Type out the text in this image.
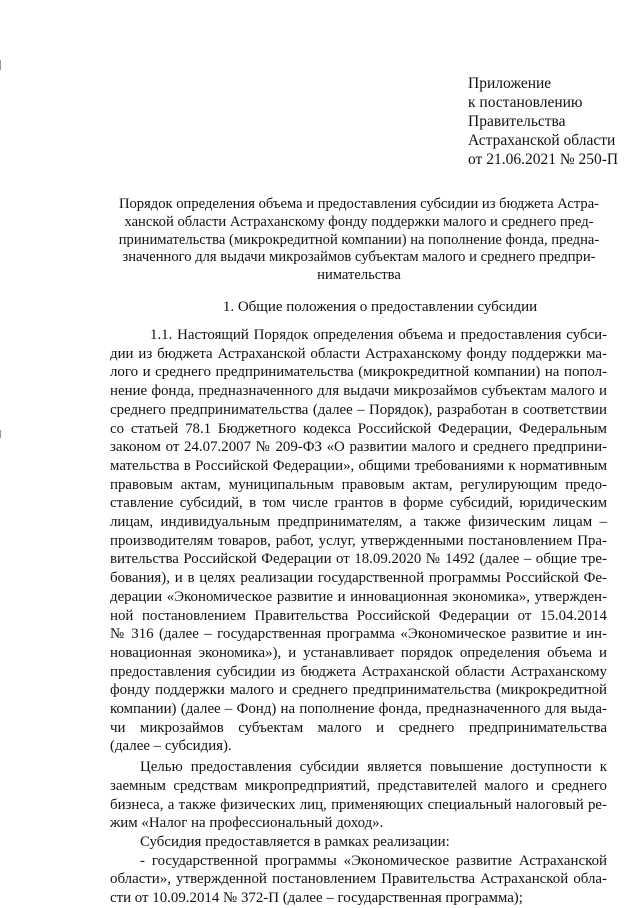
Приложение
к постановлению
Правительства
Астраханской области
от 21.06.2021 № 250-П
Порядок определения объема и предоставления субсидии из бюджета Астра-
ханской области Астраханскому фонду поддержки малого и среднего пред-
принимательства (микрокредитной компании) на пополнение фонда, предна-
значенного для выдачи микрозаймов субъектам малого и среднего предпри-
нимательства
1. Общие положения о предоставлении субсидии
1.1. Настоящий Порядок определения объема и предоставления субси-
дии из бюджета Астраханской области Астраханскому фонду поддержки ма-
лого и среднего предпринимательства (микрокредитной компании) на попол-
нение фонда, предназначенного для выдачи микрозаймов субъектам малого и
среднего предпринимательства (далее – Порядок), разработан в соответствии
со статьей 78.1 Бюджетного кодекса Российской Федерации, Федеральным
законом от 24.07.2007 № 209-ФЗ «О развитии малого и среднего предприни-
мательства в Российской Федерации», общими требованиями к нормативным
правовым актам, муниципальным правовым актам, регулирующим предо-
ставление субсидий, в том числе грантов в форме субсидий, юридическим
лицам, индивидуальным предпринимателям, а также физическим лицам –
производителям товаров, работ, услуг, утвержденными постановлением Пра-
вительства Российской Федерации от 18.09.2020 № 1492 (далее – общие тре-
бования), и в целях реализации государственной программы Российской Фе-
дерации «Экономическое развитие и инновационная экономика», утвержден-
ной постановлением Правительства Российской Федерации от 15.04.2014
№ 316 (далее – государственная программа «Экономическое развитие и ин-
новационная экономика»), и устанавливает порядок определения объема и
предоставления субсидии из бюджета Астраханской области Астраханскому
фонду поддержки малого и среднего предпринимательства (микрокредитной
компании) (далее – Фонд) на пополнение фонда, предназначенного для выда-
чи микрозаймов субъектам малого и среднего предпринимательства
(далее – субсидия).
Целью предоставления субсидии является повышение доступности к
заемным средствам микропредприятий, представителей малого и среднего
бизнеса, а также физических лиц, применяющих специальный налоговый ре-
жим «Налог на профессиональный доход».
Субсидия предоставляется в рамках реализации:
- государственной программы «Экономическое развитие Астраханской
области», утвержденной постановлением Правительства Астраханской обла-
сти от 10.09.2014 № 372-П (далее – государственная программа);
